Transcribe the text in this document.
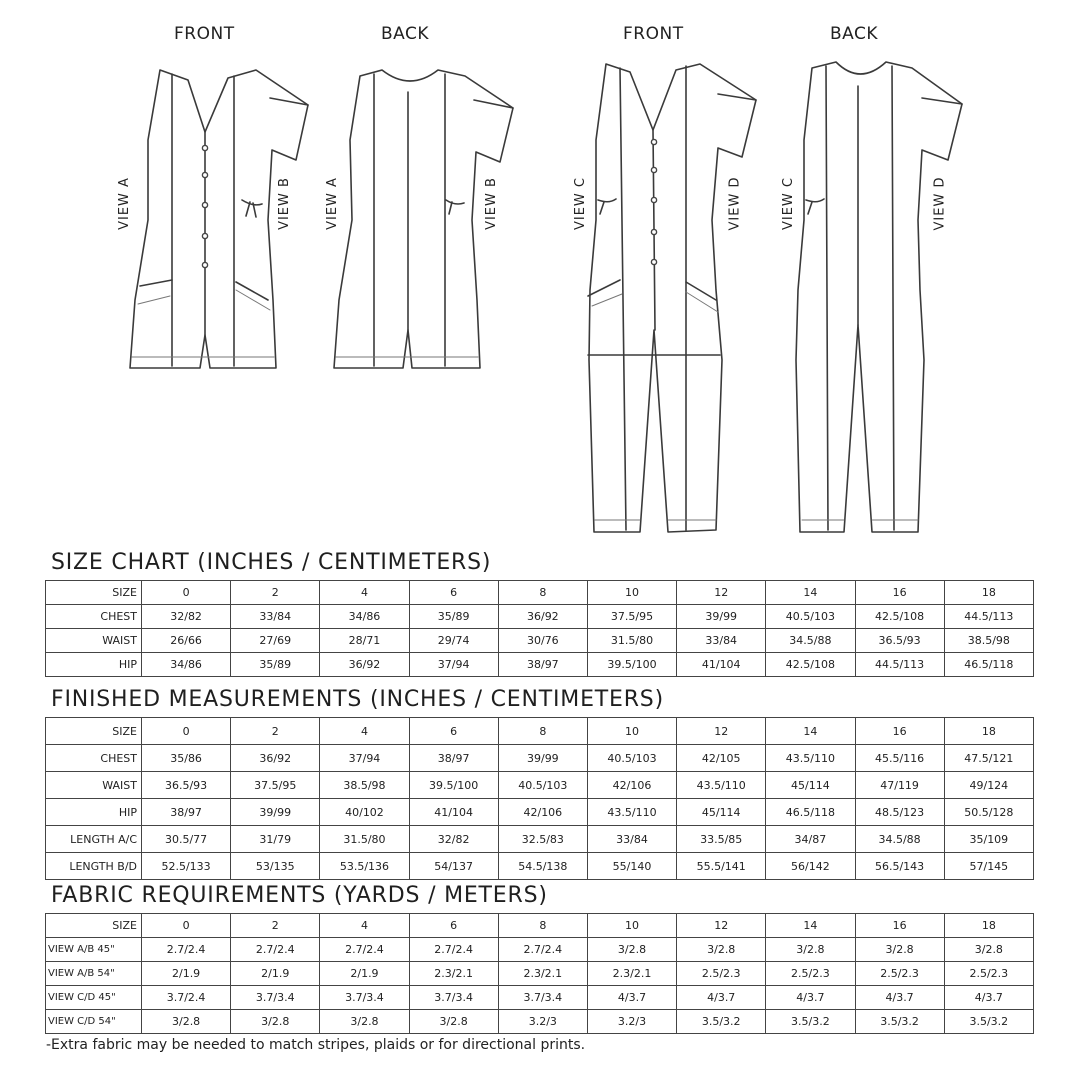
FRONT	BACK	FRONT	BACK
VIEW A	VIEW B	VIEW A	VIEW B	VIEW C	VIEW D	VIEW C	VIEW D
SIZE CHART (INCHES / CENTIMETERS)
SIZE	0	2	4	6	8	10	12	14	16	18
CHEST	32/82	33/84	34/86	35/89	36/92	37.5/95	39/99	40.5/103	42.5/108	44.5/113
WAIST	26/66	27/69	28/71	29/74	30/76	31.5/80	33/84	34.5/88	36.5/93	38.5/98
HIP	34/86	35/89	36/92	37/94	38/97	39.5/100	41/104	42.5/108	44.5/113	46.5/118
FINISHED MEASUREMENTS (INCHES / CENTIMETERS)
SIZE	0	2	4	6	8	10	12	14	16	18
CHEST	35/86	36/92	37/94	38/97	39/99	40.5/103	42/105	43.5/110	45.5/116	47.5/121
WAIST	36.5/93	37.5/95	38.5/98	39.5/100	40.5/103	42/106	43.5/110	45/114	47/119	49/124
HIP	38/97	39/99	40/102	41/104	42/106	43.5/110	45/114	46.5/118	48.5/123	50.5/128
LENGTH A/C	30.5/77	31/79	31.5/80	32/82	32.5/83	33/84	33.5/85	34/87	34.5/88	35/109
LENGTH B/D	52.5/133	53/135	53.5/136	54/137	54.5/138	55/140	55.5/141	56/142	56.5/143	57/145
FABRIC REQUIREMENTS (YARDS / METERS)
SIZE	0	2	4	6	8	10	12	14	16	18
VIEW A/B 45"	2.7/2.4	2.7/2.4	2.7/2.4	2.7/2.4	2.7/2.4	3/2.8	3/2.8	3/2.8	3/2.8	3/2.8
VIEW A/B 54"	2/1.9	2/1.9	2/1.9	2.3/2.1	2.3/2.1	2.3/2.1	2.5/2.3	2.5/2.3	2.5/2.3	2.5/2.3
VIEW C/D 45"	3.7/2.4	3.7/3.4	3.7/3.4	3.7/3.4	3.7/3.4	4/3.7	4/3.7	4/3.7	4/3.7	4/3.7
VIEW C/D 54"	3/2.8	3/2.8	3/2.8	3/2.8	3.2/3	3.2/3	3.5/3.2	3.5/3.2	3.5/3.2	3.5/3.2
-Extra fabric may be needed to match stripes, plaids or for directional prints.
